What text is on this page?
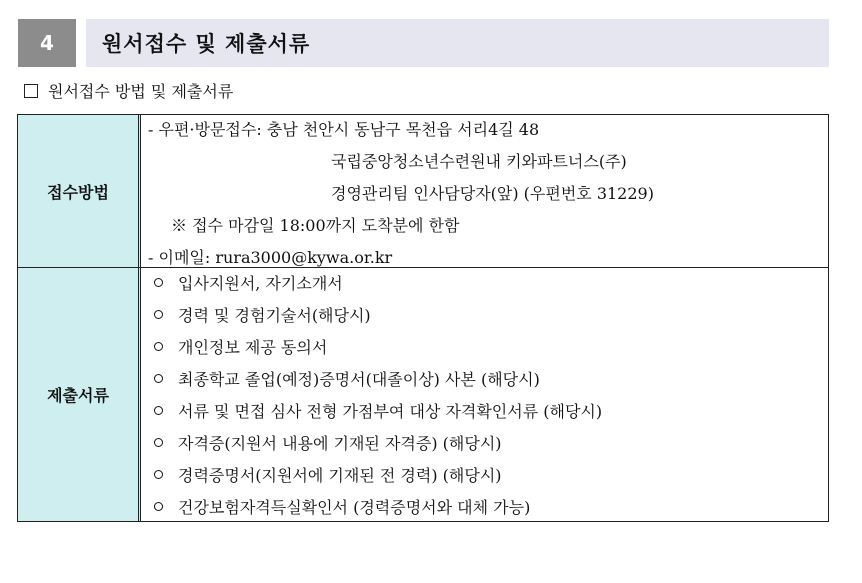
4	원서접수 및 제출서류
원서접수 방법 및 제출서류
접수방법
- 우편·방문접수: 충남 천안시 동남구 목천읍 서리4길 48
국립중앙청소년수련원내 키와파트너스(주)
경영관리팀 인사담당자(앞) (우편번호 31229)
※ 접수 마감일 18:00까지 도착분에 한함
- 이메일: rura3000@kywa.or.kr
제출서류
입사지원서, 자기소개서
경력 및 경험기술서(해당시)
개인정보 제공 동의서
최종학교 졸업(예정)증명서(대졸이상) 사본 (해당시)
서류 및 면접 심사 전형 가점부여 대상 자격확인서류 (해당시)
자격증(지원서 내용에 기재된 자격증) (해당시)
경력증명서(지원서에 기재된 전 경력) (해당시)
건강보험자격득실확인서 (경력증명서와 대체 가능)
